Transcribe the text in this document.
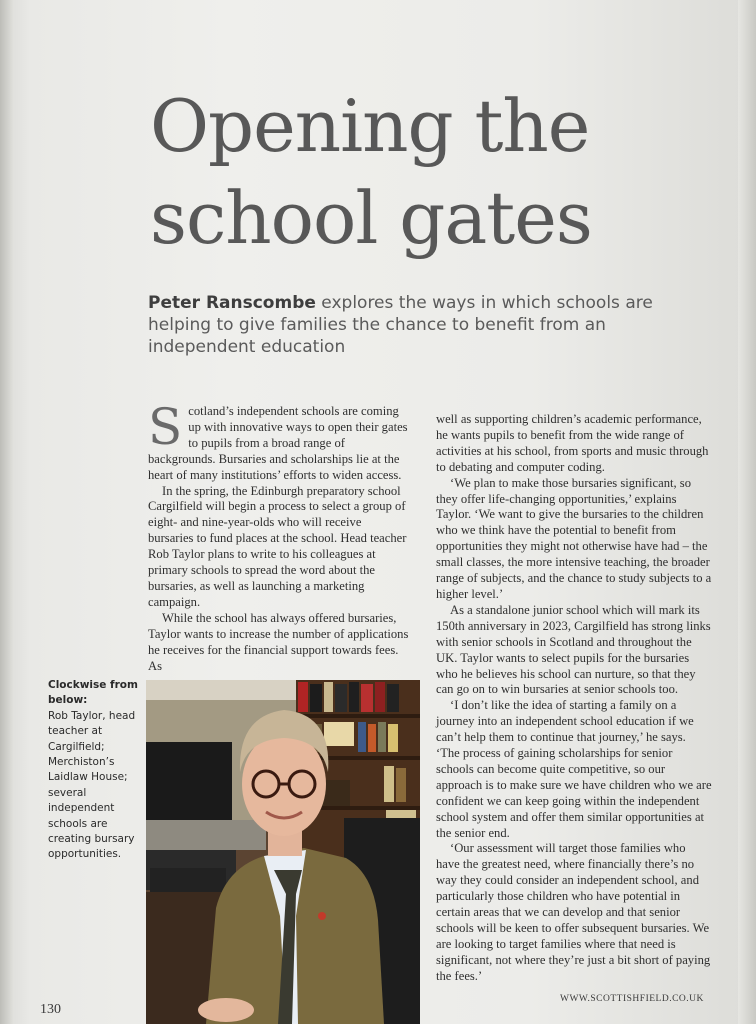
Opening the
school gates
Peter Ranscombe explores the ways in which schools are helping to give families the chance to benefit from an independent education

Scotland’s independent schools are coming up with innovative ways to open their gates to pupils from a broad range of backgrounds. Bursaries and scholarships lie at the heart of many institutions’ efforts to widen access.

In the spring, the Edinburgh preparatory school Cargilfield will begin a process to select a group of eight- and nine-year-olds who will receive bursaries to fund places at the school. Head teacher Rob Taylor plans to write to his colleagues at primary schools to spread the word about the bursaries, as well as launching a marketing campaign.

While the school has always offered bursaries, Taylor wants to increase the number of applications he receives for the financial support towards fees. As

well as supporting children’s academic performance, he wants pupils to benefit from the wide range of activities at his school, from sports and music through to debating and computer coding.

‘We plan to make those bursaries significant, so they offer life-changing opportunities,’ explains Taylor. ‘We want to give the bursaries to the children who we think have the potential to benefit from opportunities they might not otherwise have had – the small classes, the more intensive teaching, the broader range of subjects, and the chance to study subjects to a higher level.’

As a standalone junior school which will mark its 150th anniversary in 2023, Cargilfield has strong links with senior schools in Scotland and throughout the UK. Taylor wants to select pupils for the bursaries who he believes his school can nurture, so that they can go on to win bursaries at senior schools too.

‘I don’t like the idea of starting a family on a journey into an independent school education if we can’t help them to continue that journey,’ he says. ‘The process of gaining scholarships for senior schools can become quite competitive, so our approach is to make sure we have children who we are confident we can keep going within the independent school system and offer them similar opportunities at the senior end.

‘Our assessment will target those families who have the greatest need, where financially there’s no way they could consider an independent school, and particularly those children who have potential in certain areas that we can develop and that senior schools will be keen to offer subsequent bursaries. We are looking to target families where that need is significant, not where they’re just a bit short of paying the fees.’

Clockwise from below:
Rob Taylor, head teacher at Cargilfield; Merchiston’s Laidlaw House; several independent schools are creating bursary opportunities.
130
WWW.SCOTTISHFIELD.CO.UK
